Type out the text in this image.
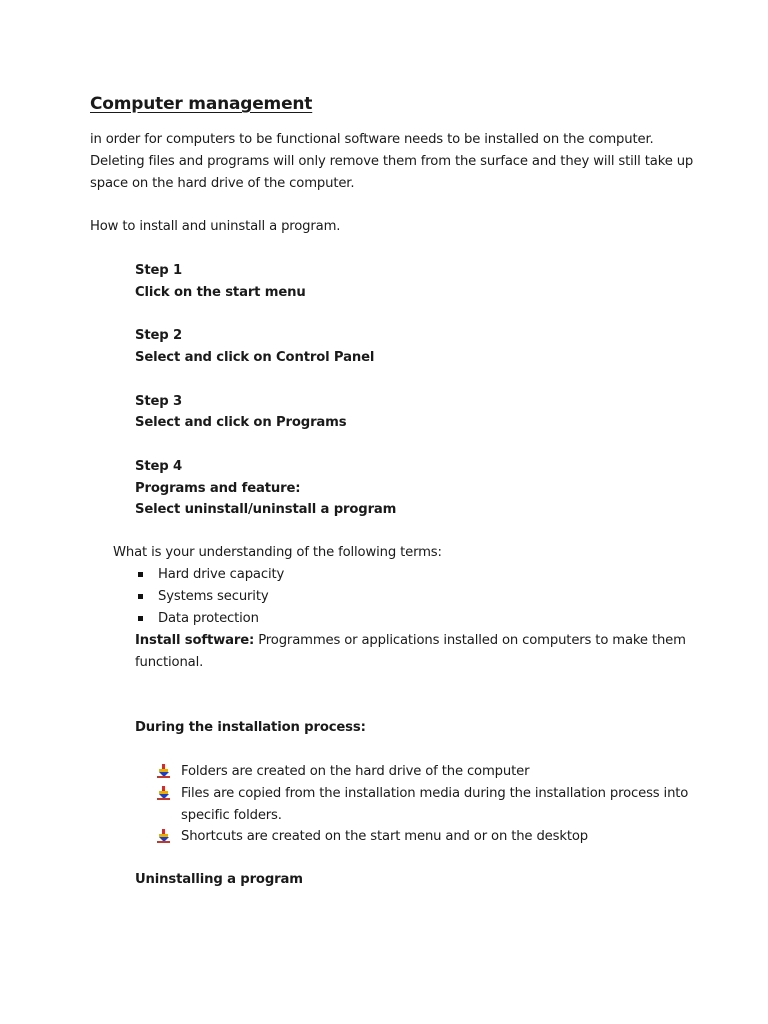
Computer management
in order for computers to be functional software needs to be installed on the computer.
Deleting files and programs will only remove them from the surface and they will still take up
space on the hard drive of the computer.
How to install and uninstall a program.
Step 1
Click on the start menu
Step 2
Select and click on Control Panel
Step 3
Select and click on Programs
Step 4
Programs and feature:
Select uninstall/uninstall a program
What is your understanding of the following terms:
Hard drive capacity
Systems security
Data protection
Install software: Programmes or applications installed on computers to make them
functional.
During the installation process:
Folders are created on the hard drive of the computer
Files are copied from the installation media during the installation process into
specific folders.
Shortcuts are created on the start menu and or on the desktop
Uninstalling a program
